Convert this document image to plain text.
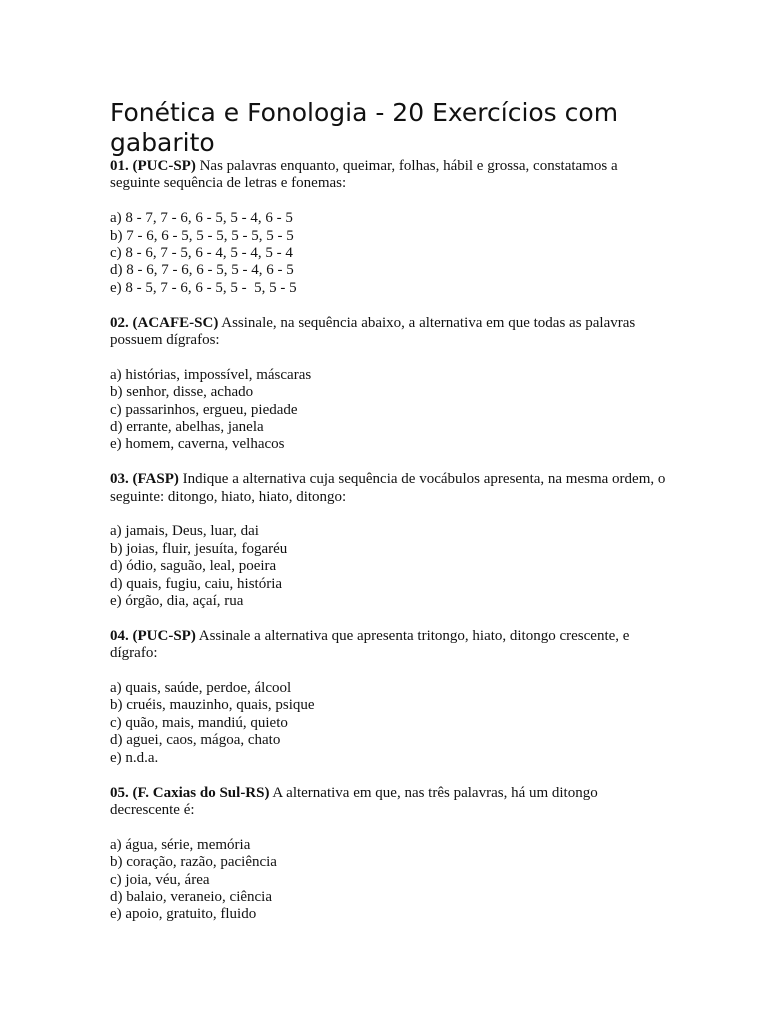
Fonética e Fonologia - 20 Exercícios com
gabarito

01. (PUC-SP) Nas palavras enquanto, queimar, folhas, hábil e grossa, constatamos a seguinte sequência de letras e fonemas:

a) 8 - 7, 7 - 6, 6 - 5, 5 - 4, 6 - 5

b) 7 - 6, 6 - 5, 5 - 5, 5 - 5, 5 - 5

c) 8 - 6, 7 - 5, 6 - 4, 5 - 4, 5 - 4

d) 8 - 6, 7 - 6, 6 - 5, 5 - 4, 6 - 5

e) 8 - 5, 7 - 6, 6 - 5, 5 -  5, 5 - 5

02. (ACAFE-SC) Assinale, na sequência abaixo, a alternativa em que todas as palavras possuem dígrafos:

a) histórias, impossível, máscaras

b) senhor, disse, achado

c) passarinhos, ergueu, piedade

d) errante, abelhas, janela

e) homem, caverna, velhacos

03. (FASP) Indique a alternativa cuja sequência de vocábulos apresenta, na mesma ordem, o seguinte: ditongo, hiato, hiato, ditongo:

a) jamais, Deus, luar, dai

b) joias, fluir, jesuíta, fogaréu

d) ódio, saguão, leal, poeira

d) quais, fugiu, caiu, história

e) órgão, dia, açaí, rua

04. (PUC-SP) Assinale a alternativa que apresenta tritongo, hiato, ditongo crescente, e dígrafo:

a) quais, saúde, perdoe, álcool

b) cruéis, mauzinho, quais, psique

c) quão, mais, mandiú, quieto

d) aguei, caos, mágoa, chato

e) n.d.a.

05. (F. Caxias do Sul-RS) A alternativa em que, nas três palavras, há um ditongo decrescente é:

a) água, série, memória

b) coração, razão, paciência

c) joia, véu, área

d) balaio, veraneio, ciência

e) apoio, gratuito, fluido
